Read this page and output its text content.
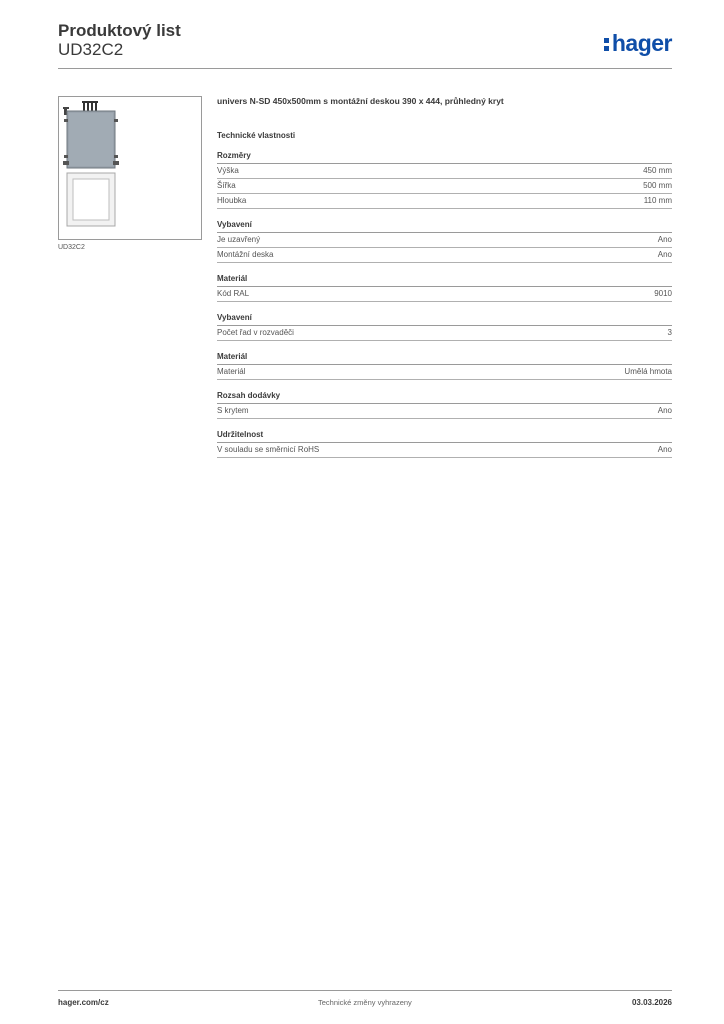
Produktový list
UD32C2	hager
UD32C2
univers N-SD 450x500mm s montážní deskou 390 x 444, průhledný kryt
Technické vlastnosti
Rozměry
Výška	450 mm
Šířka	500 mm
Hloubka	110 mm
Vybavení
Je uzavřený	Ano
Montážní deska	Ano
Materiál
Kód RAL	9010
Vybavení
Počet řad v rozvaděči	3
Materiál
Materiál	Umělá hmota
Rozsah dodávky
S krytem	Ano
Udržitelnost
V souladu se směrnicí RoHS	Ano
hager.com/cz	Technické změny vyhrazeny	03.03.2026
